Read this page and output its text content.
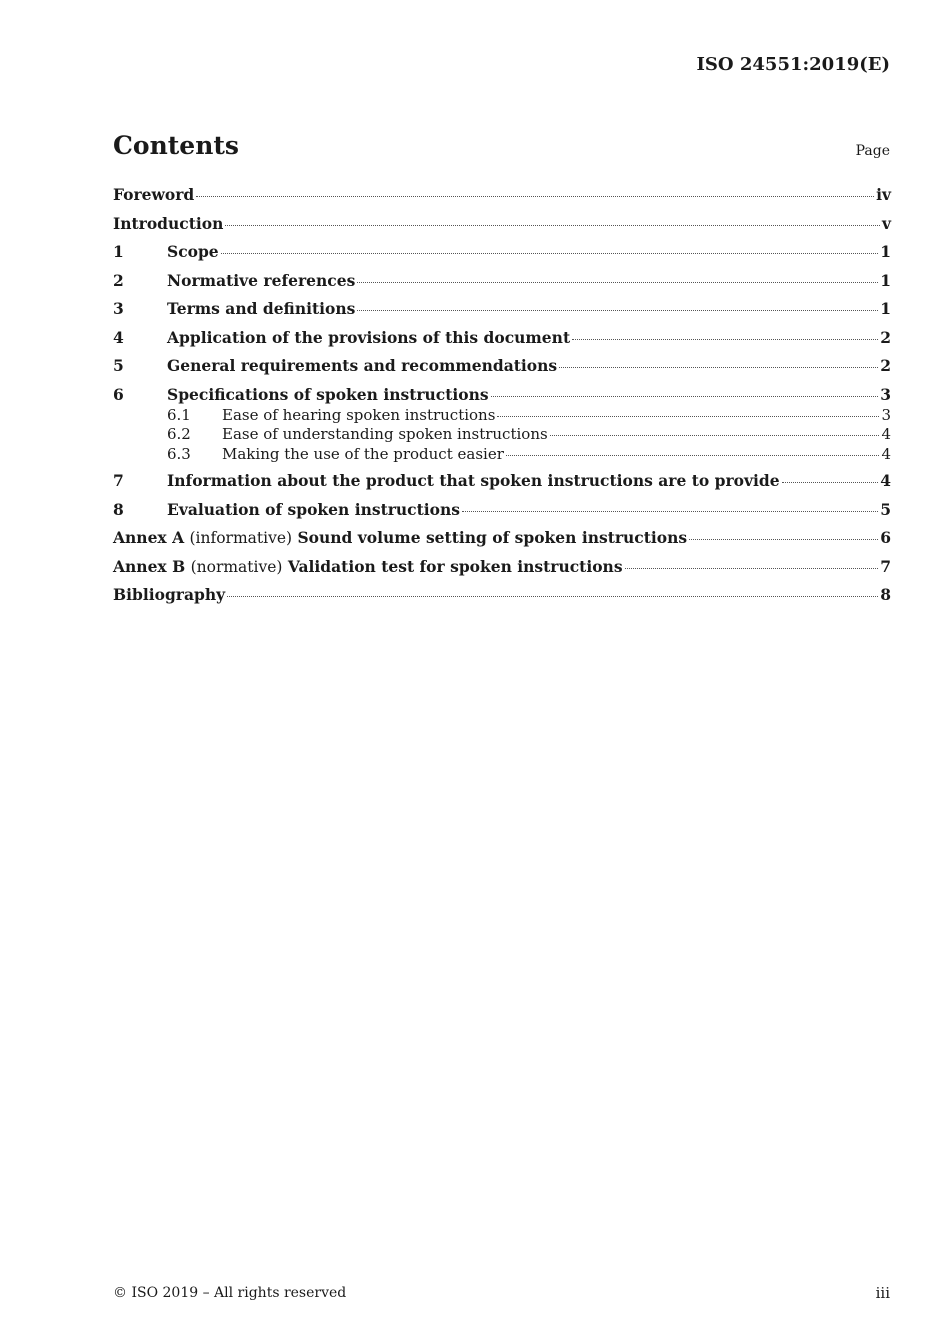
ISO 24551:2019(E)
Contents	Page
Foreword	iv
Introduction	v
1	Scope	1
2	Normative references	1
3	Terms and definitions	1
4	Application of the provisions of this document	2
5	General requirements and recommendations	2
6	Specifications of spoken instructions	3
6.1	Ease of hearing spoken instructions	3
6.2	Ease of understanding spoken instructions	4
6.3	Making the use of the product easier	4
7	Information about the product that spoken instructions are to provide	4
8	Evaluation of spoken instructions	5
Annex A (informative) Sound volume setting of spoken instructions	6
Annex B (normative) Validation test for spoken instructions	7
Bibliography	8
© ISO 2019 – All rights reserved	iii
